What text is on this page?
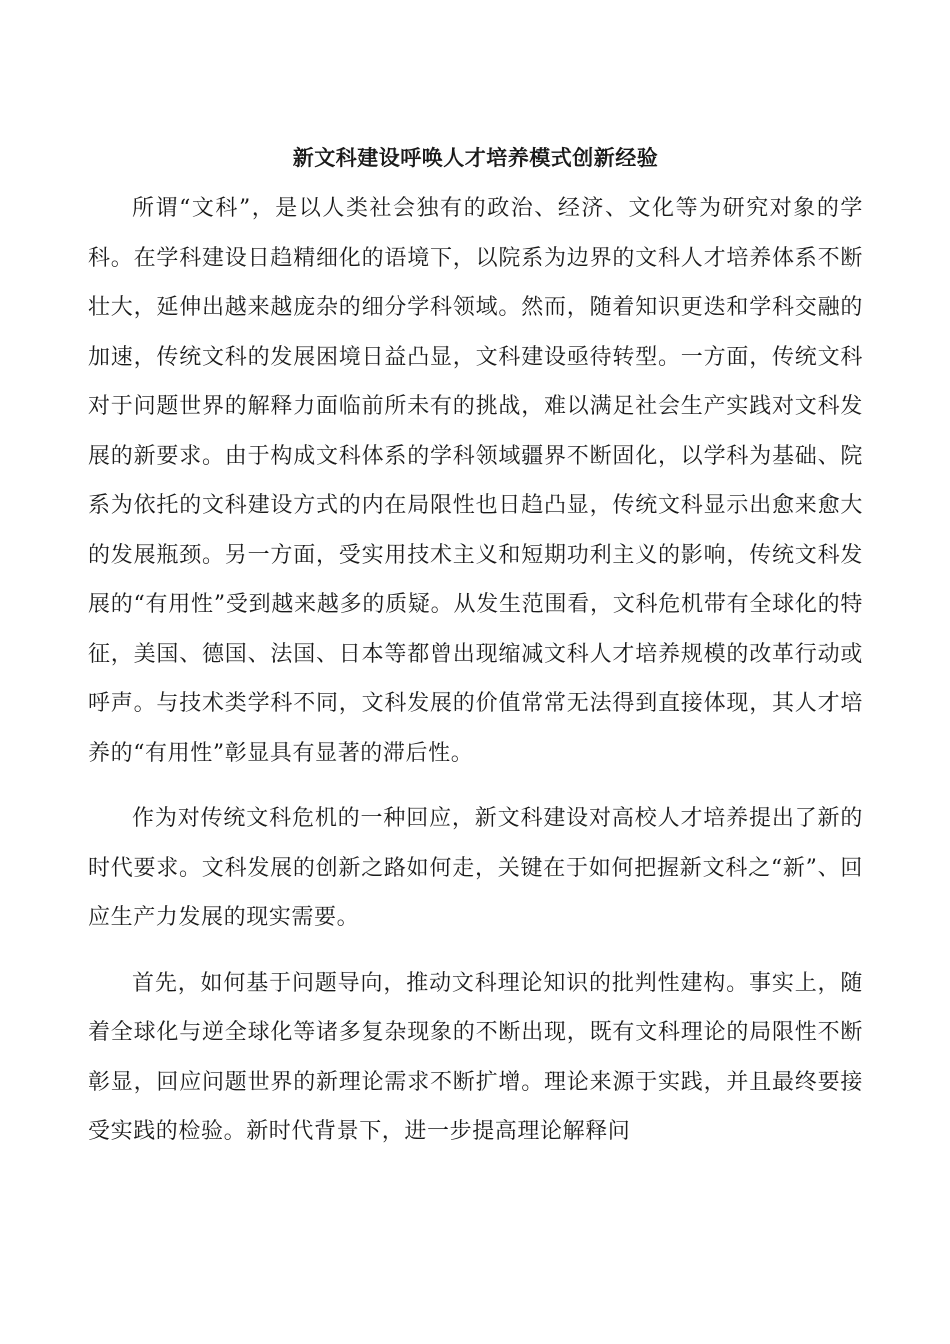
新文科建设呼唤人才培养模式创新经验

所谓“文科”，是以人类社会独有的政治、经济、文化等为研究对象的学科。在学科建设日趋精细化的语境下，以院系为边界的文科人才培养体系不断壮大，延伸出越来越庞杂的细分学科领域。然而，随着知识更迭和学科交融的加速，传统文科的发展困境日益凸显，文科建设亟待转型。一方面，传统文科对于问题世界的解释力面临前所未有的挑战，难以满足社会生产实践对文科发展的新要求。由于构成文科体系的学科领域疆界不断固化，以学科为基础、院系为依托的文科建设方式的内在局限性也日趋凸显，传统文科显示出愈来愈大的发展瓶颈。另一方面，受实用技术主义和短期功利主义的影响，传统文科发展的“有用性”受到越来越多的质疑。从发生范围看，文科危机带有全球化的特征，美国、德国、法国、日本等都曾出现缩减文科人才培养规模的改革行动或呼声。与技术类学科不同，文科发展的价值常常无法得到直接体现，其人才培养的“有用性”彰显具有显著的滞后性。

作为对传统文科危机的一种回应，新文科建设对高校人才培养提出了新的时代要求。文科发展的创新之路如何走，关键在于如何把握新文科之“新”、回应生产力发展的现实需要。

首先，如何基于问题导向，推动文科理论知识的批判性建构。事实上，随着全球化与逆全球化等诸多复杂现象的不断出现，既有文科理论的局限性不断彰显，回应问题世界的新理论需求不断扩增。理论来源于实践，并且最终要接受实践的检验。新时代背景下，进一步提高理论解释问
